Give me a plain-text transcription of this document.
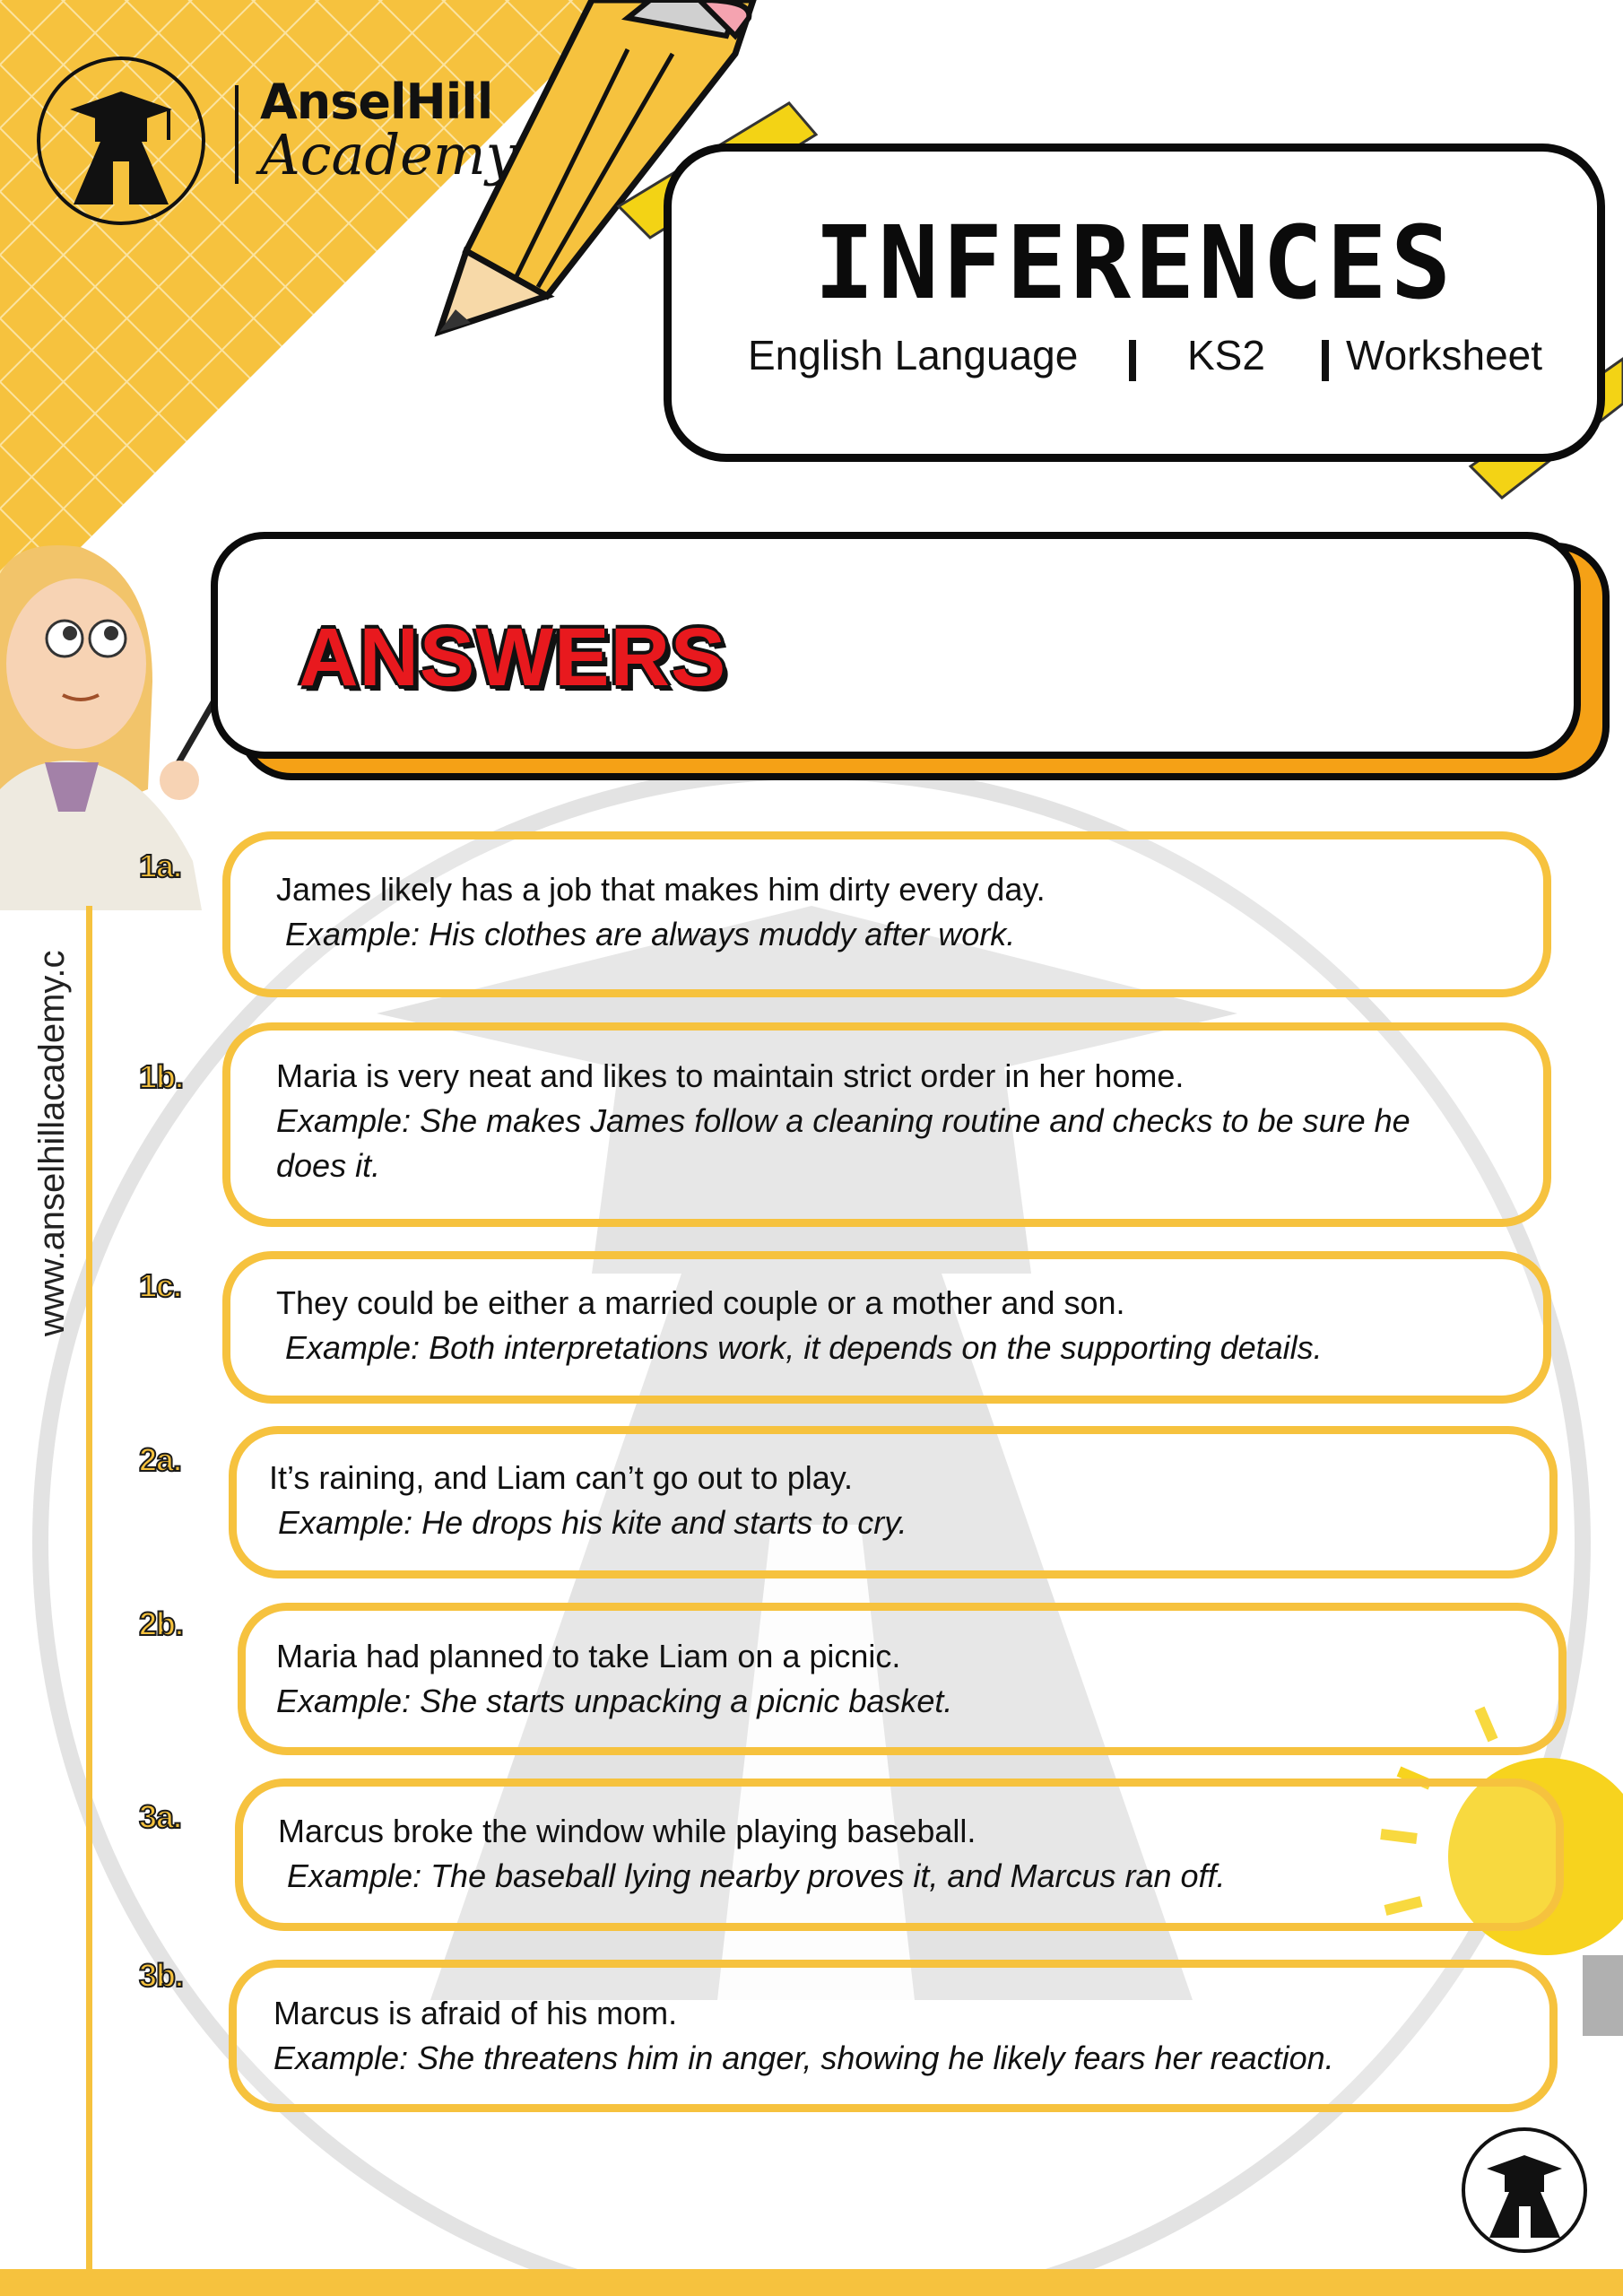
AnselHill
Academy
INFERENCES
English Language	KS2 Worksheet
ANSWERS
www.anselhillacademy.c
1a.
James likely has a job that makes him dirty every day.
Example: His clothes are always muddy after work.
1b.	Maria is very neat and likes to maintain strict order in her home.
Example: She makes James follow a cleaning routine and checks to be sure he does it.
1c.	They could be either a married couple or a mother and son.
Example: Both interpretations work, it depends on the supporting details.
2a.	It’s raining, and Liam can’t go out to play.
Example: He drops his kite and starts to cry.
2b.
Maria had planned to take Liam on a picnic.
Example: She starts unpacking a picnic basket.
3a.	Marcus broke the window while playing baseball.
Example: The baseball lying nearby proves it, and Marcus ran off.
3b.
Marcus is afraid of his mom.
Example: She threatens him in anger, showing he likely fears her reaction.
